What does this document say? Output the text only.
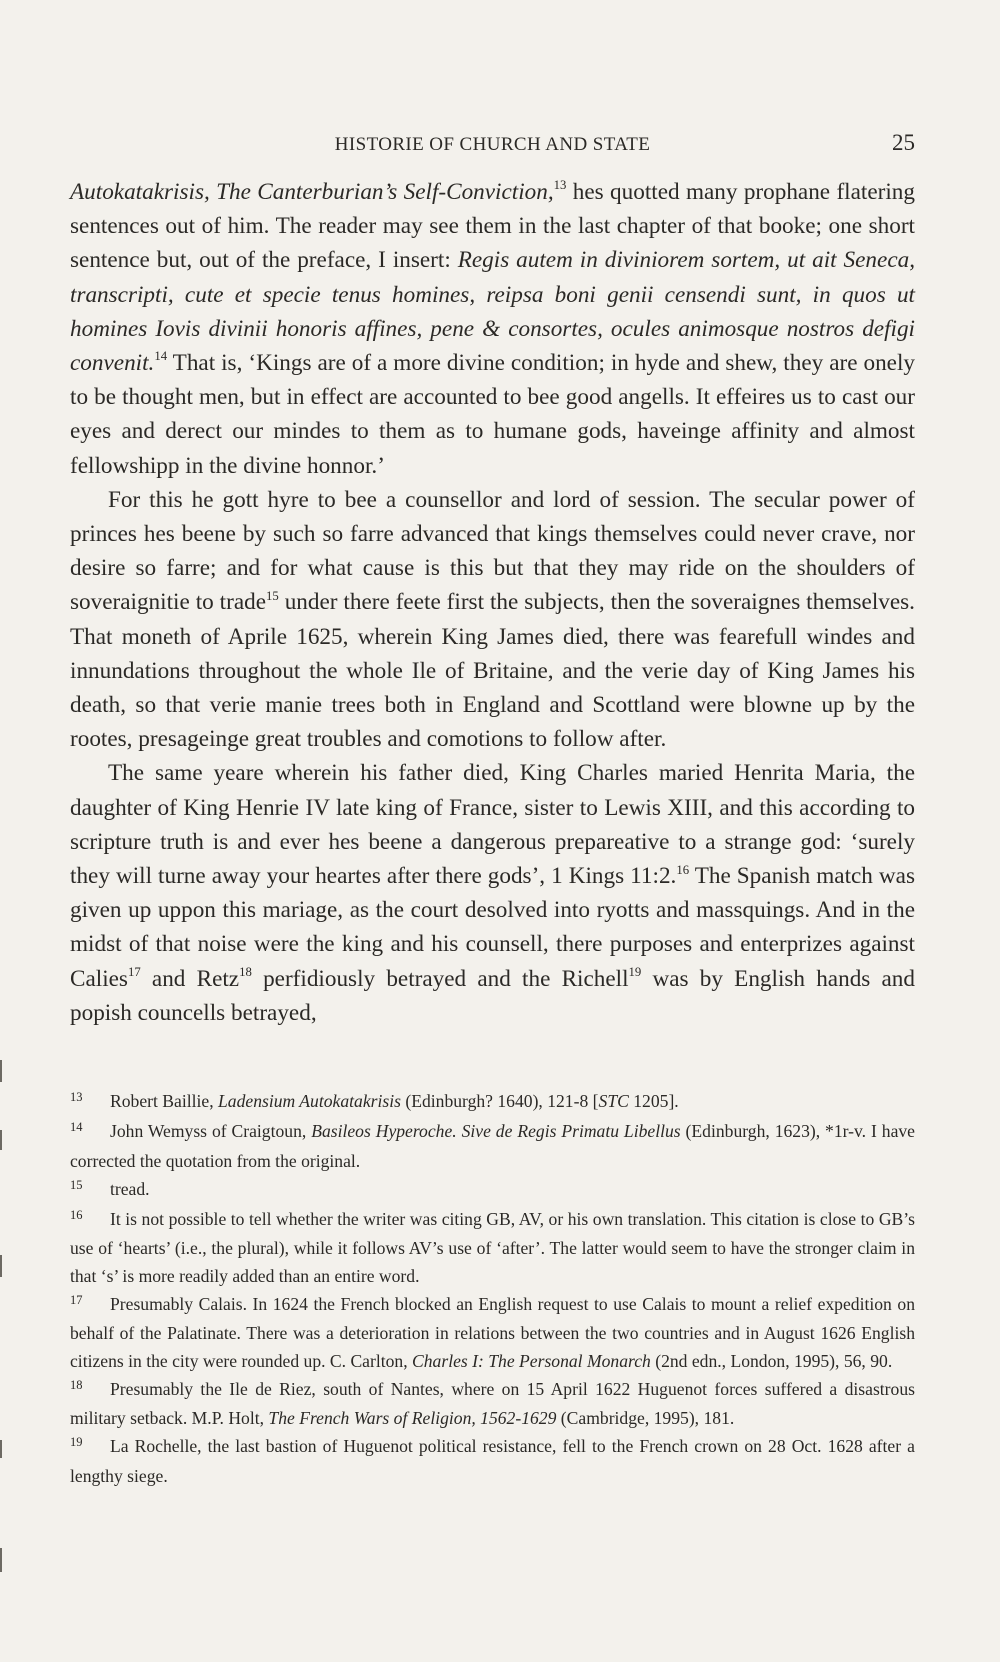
HISTORIE OF CHURCH AND STATE	25

Autokatakrisis, The Canterburian’s Self-Conviction,$^{13}$ hes quotted many prophane flatering sentences out of him. The reader may see them in the last chapter of that booke; one short sentence but, out of the preface, I insert: Regis autem in diviniorem sortem, ut ait Seneca, transcripti, cute et specie tenus homines, reipsa boni genii censendi sunt, in quos ut homines Iovis divinii honoris affines, pene & consortes, ocules animosque nostros defigi convenit.$^{14}$ That is, ‘Kings are of a more divine condition; in hyde and shew, they are onely to be thought men, but in effect are accounted to bee good angells. It effeires us to cast our eyes and derect our mindes to them as to humane gods, haveinge affinity and almost fellowshipp in the divine honnor.’

For this he gott hyre to bee a counsellor and lord of session. The secular power of princes hes beene by such so farre advanced that kings themselves could never crave, nor desire so farre; and for what cause is this but that they may ride on the shoulders of soveraignitie to trade$^{15}$ under there feete first the subjects, then the soveraignes themselves. That moneth of Aprile 1625, wherein King James died, there was fearefull windes and innundations throughout the whole Ile of Britaine, and the verie day of King James his death, so that verie manie trees both in England and Scottland were blowne up by the rootes, presageinge great troubles and comotions to follow after.

The same yeare wherein his father died, King Charles maried Henrita Maria, the daughter of King Henrie IV late king of France, sister to Lewis XIII, and this according to scripture truth is and ever hes beene a dangerous prepareative to a strange god: ‘surely they will turne away your heartes after there gods’, 1 Kings 11:2.16 The Spanish match was given up uppon this mariage, as the court desolved into ryotts and massquings. And in the midst of that noise were the king and his counsell, there purposes and enterprizes against Calies$^{17}$ and Retz$^{18}$ perfidiously betrayed and the Richell$^{19}$ was by English hands and popish councells betrayed,

13 Robert Baillie, Ladensium Autokatakrisis (Edinburgh? 1640), 121-8 [STC 1205].

14 John Wemyss of Craigtoun, Basileos Hyperoche. Sive de Regis Primatu Libellus (Edinburgh, 1623), *1r-v. I have corrected the quotation from the original.

15 tread.

16 It is not possible to tell whether the writer was citing GB, AV, or his own translation. This citation is close to GB’s use of ‘hearts’ (i.e., the plural), while it follows AV’s use of ‘after’. The latter would seem to have the stronger claim in that ‘s’ is more readily added than an entire word.

17 Presumably Calais. In 1624 the French blocked an English request to use Calais to mount a relief expedition on behalf of the Palatinate. There was a deterioration in relations between the two countries and in August 1626 English citizens in the city were rounded up. C. Carlton, Charles I: The Personal Monarch (2nd edn., London, 1995), 56, 90.

18 Presumably the Ile de Riez, south of Nantes, where on 15 April 1622 Huguenot forces suffered a disastrous military setback. M.P. Holt, The French Wars of Religion, 1562-1629 (Cambridge, 1995), 181.

19 La Rochelle, the last bastion of Huguenot political resistance, fell to the French crown on 28 Oct. 1628 after a lengthy siege.
